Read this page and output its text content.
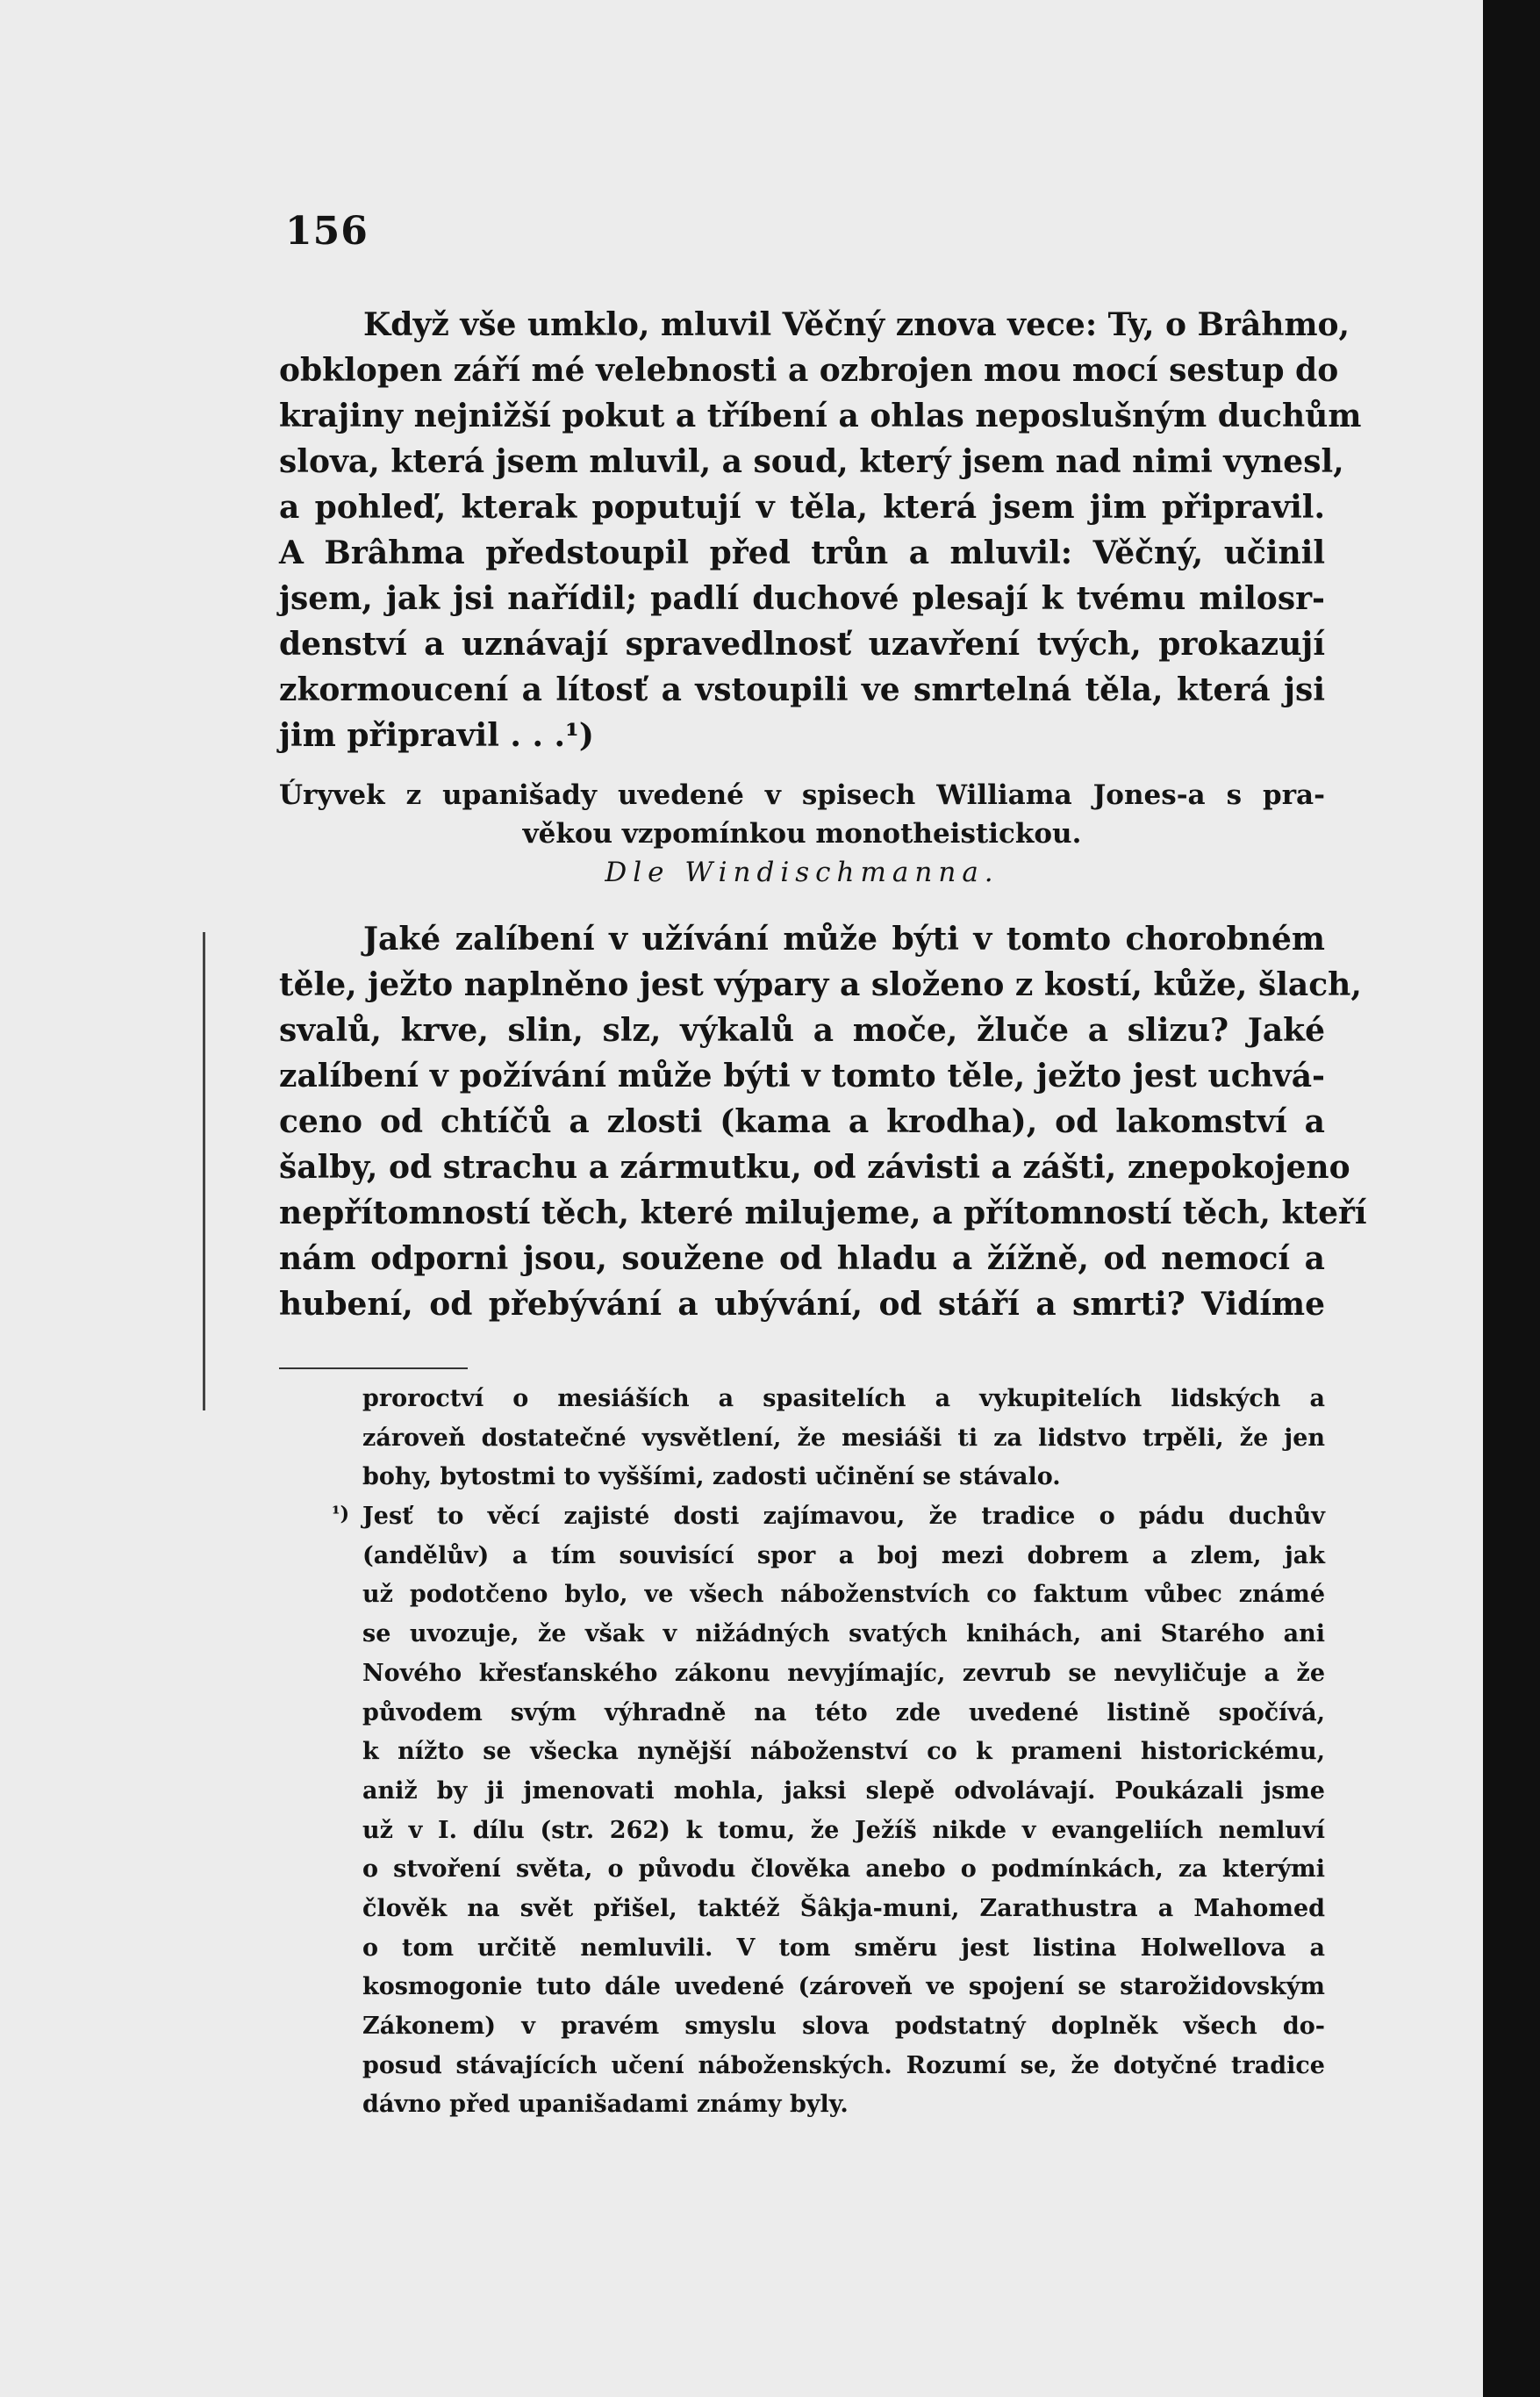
156
Když vše umklo, mluvil Věčný znova vece: Ty, o Brâhmo,
obklopen září mé velebnosti a ozbrojen mou mocí sestup do
krajiny nejnižší pokut a tříbení a ohlas neposlušným duchům
slova, která jsem mluvil, a soud, který jsem nad nimi vynesl,
a pohleď, kterak poputují v těla, která jsem jim připravil.
A Brâhma předstoupil před trůn a mluvil: Věčný, učinil
jsem, jak jsi nařídil; padlí duchové plesají k tvému milosr-
denství a uznávají spravedlnosť uzavření tvých, prokazují
zkormoucení a lítosť a vstoupili ve smrtelná těla, která jsi
jim připravil . . .¹)
Úryvek z upanišady uvedené v spisech Williama Jones-a s pra-
věkou vzpomínkou monotheistickou.
Dle Windischmanna.
Jaké zalíbení v užívání může býti v tomto chorobném
těle, ježto naplněno jest výpary a složeno z kostí, kůže, šlach,
svalů, krve, slin, slz, výkalů a moče, žluče a slizu? Jaké
zalíbení v požívání může býti v tomto těle, ježto jest uchvá-
ceno od chtíčů a zlosti (kama a krodha), od lakomství a
šalby, od strachu a zármutku, od závisti a zášti, znepokojeno
nepřítomností těch, které milujeme, a přítomností těch, kteří
nám odporni jsou, soužene od hladu a žížně, od nemocí a
hubení, od přebývání a ubývání, od stáří a smrti? Vidíme
proroctví o mesiáších a spasitelích a vykupitelích lidských a
zároveň dostatečné vysvětlení, že mesiáši ti za lidstvo trpěli, že jen
bohy, bytostmi to vyššími, zadosti učinění se stávalo.
Jesť to věcí zajisté dosti zajímavou, že tradice o pádu duchův
(andělův) a tím souvisící spor a boj mezi dobrem a zlem, jak
už podotčeno bylo, ve všech náboženstvích co faktum vůbec známé
se uvozuje, že však v nižádných svatých knihách, ani Starého ani
Nového křesťanského zákonu nevyjímajíc, zevrub se nevyličuje a že
původem svým výhradně na této zde uvedené listině spočívá,
k nížto se všecka nynější náboženství co k prameni historickému,
aniž by ji jmenovati mohla, jaksi slepě odvolávají. Poukázali jsme
už v I. dílu (str. 262) k tomu, že Ježíš nikde v evangeliích nemluví
o stvoření světa, o původu člověka anebo o podmínkách, za kterými
člověk na svět přišel, taktéž Šâkja-muni, Zarathustra a Mahomed
o tom určitě nemluvili. V tom směru jest listina Holwellova a
kosmogonie tuto dále uvedené (zároveň ve spojení se starožidovským
Zákonem) v pravém smyslu slova podstatný doplněk všech do-
posud stávajících učení náboženských. Rozumí se, že dotyčné tradice
dávno před upanišadami známy byly.
¹)
